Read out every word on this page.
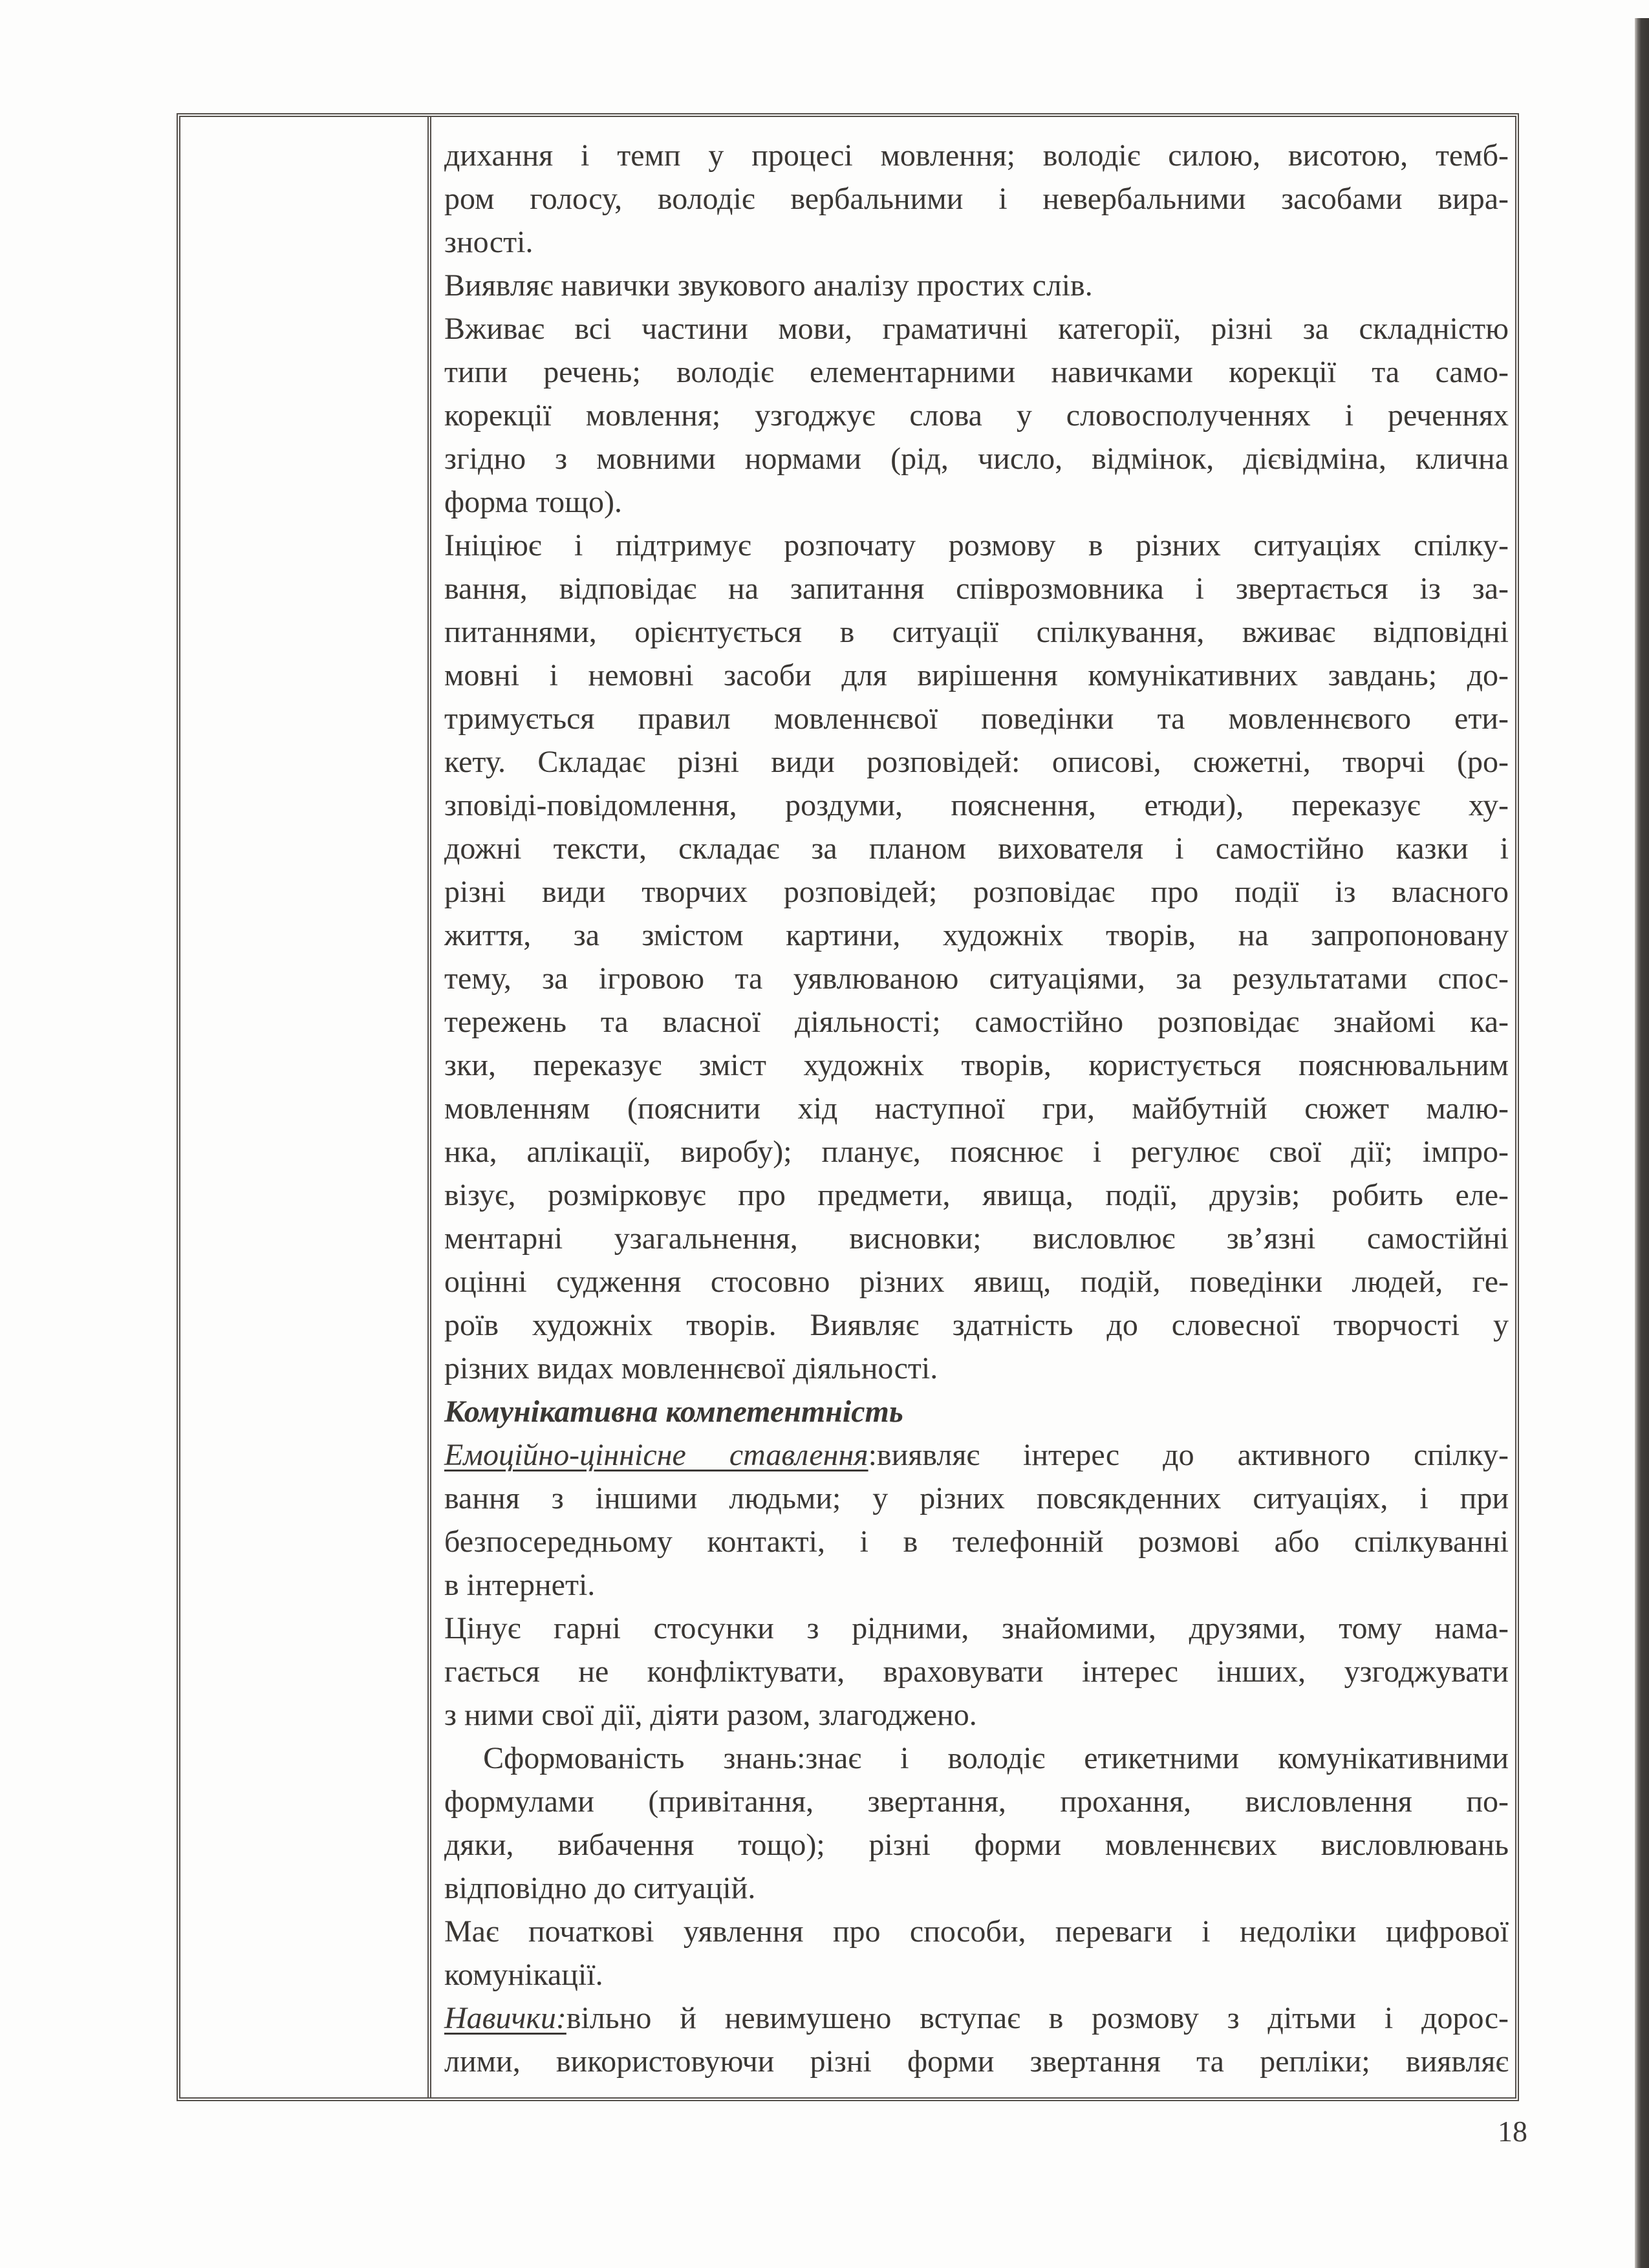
дихання і темп у процесі мовлення; володіє силою, висотою, темб-
ром голосу, володіє вербальними і невербальними засобами вира-
зності.
Виявляє навички звукового аналізу простих слів.
Вживає всі частини мови, граматичні категорії, різні за складністю
типи речень; володіє елементарними навичками корекції та само-
корекції мовлення; узгоджує слова у словосполученнях і реченнях
згідно з мовними нормами (рід, число, відмінок, дієвідміна, клична
форма тощо).
Ініціює і підтримує розпочату розмову в різних ситуаціях спілку-
вання, відповідає на запитання співрозмовника і звертається із за-
питаннями, орієнтується в ситуації спілкування, вживає відповідні
мовні і немовні засоби для вирішення комунікативних завдань; до-
тримується правил мовленнєвої поведінки та мовленнєвого ети-
кету. Складає різні види розповідей: описові, сюжетні, творчі (ро-
зповіді-повідомлення, роздуми, пояснення, етюди), переказує ху-
дожні тексти, складає за планом вихователя і самостійно казки і
різні види творчих розповідей; розповідає про події із власного
життя, за змістом картини, художніх творів, на запропоновану
тему, за ігровою та уявлюваною ситуаціями, за результатами спос-
тережень та власної діяльності; самостійно розповідає знайомі ка-
зки, переказує зміст художніх творів, користується пояснювальним
мовленням (пояснити хід наступної гри, майбутній сюжет малю-
нка, аплікації, виробу); планує, пояснює і регулює свої дії; імпро-
візує, розмірковує про предмети, явища, події, друзів; робить еле-
ментарні узагальнення, висновки; висловлює зв’язні самостійні
оцінні судження стосовно різних явищ, подій, поведінки людей, ге-
роїв художніх творів. Виявляє здатність до словесної творчості у
різних видах мовленнєвої діяльності.
Комунікативна компетентність
Емоційно-ціннісне ставлення:виявляє інтерес до активного спілку-
вання з іншими людьми; у різних повсякденних ситуаціях, і при
безпосередньому контакті, і в телефонній розмові або спілкуванні
в інтернеті.
Цінує гарні стосунки з рідними, знайомими, друзями, тому нама-
гається не конфліктувати, враховувати інтерес інших, узгоджувати
з ними свої дії, діяти разом, злагоджено.
Сформованість знань:знає і володіє етикетними комунікативними
формулами (привітання, звертання, прохання, висловлення по-
дяки, вибачення тощо); різні форми мовленнєвих висловлювань
відповідно до ситуацій.
Має початкові уявлення про способи, переваги і недоліки цифрової
комунікації.
Навички:вільно й невимушено вступає в розмову з дітьми і дорос-
лими, використовуючи різні форми звертання та репліки; виявляє
18
